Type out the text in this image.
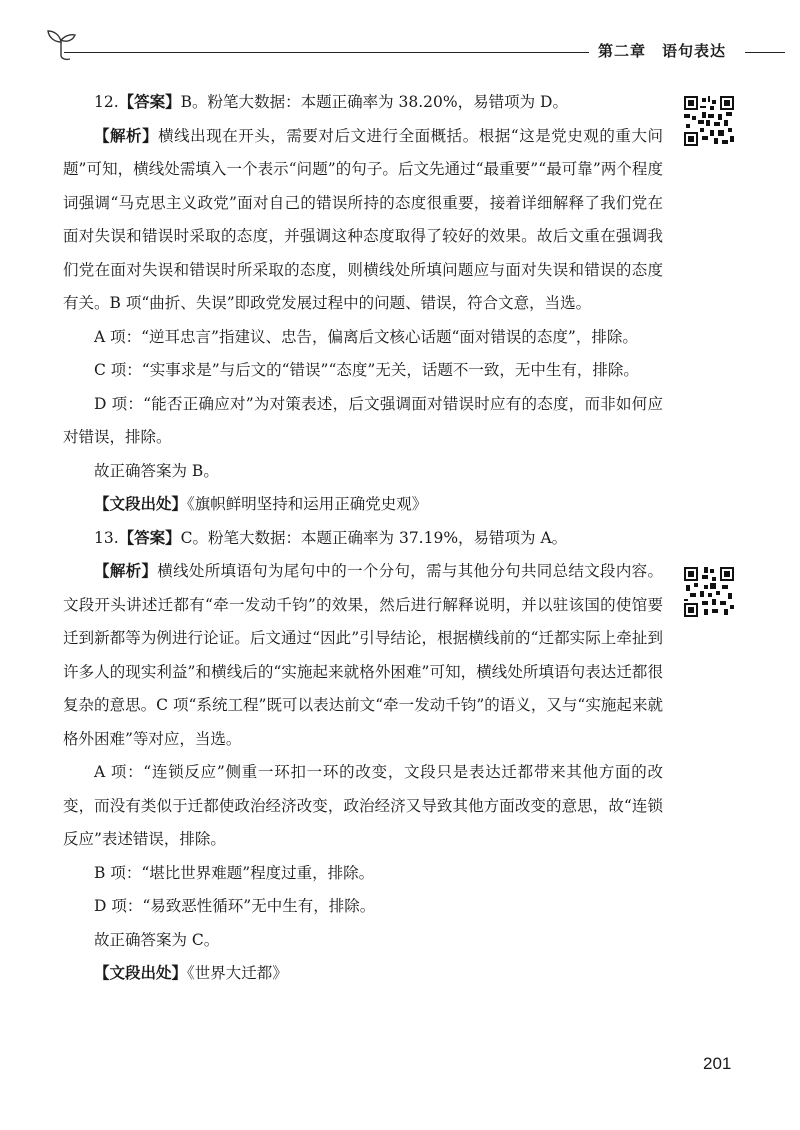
第二章 语句表达

12.【答案】B。粉笔大数据：本题正确率为 38.20%，易错项为 D。

【解析】横线出现在开头，需要对后文进行全面概括。根据“这是党史观的重大问题”可知，横线处需填入一个表示“问题”的句子。后文先通过“最重要”“最可靠”两个程度词强调“马克思主义政党”面对自己的错误所持的态度很重要，接着详细解释了我们党在面对失误和错误时采取的态度，并强调这种态度取得了较好的效果。故后文重在强调我们党在面对失误和错误时所采取的态度，则横线处所填问题应与面对失误和错误的态度有关。B 项“曲折、失误”即政党发展过程中的问题、错误，符合文意，当选。

A 项：“逆耳忠言”指建议、忠告，偏离后文核心话题“面对错误的态度”，排除。

C 项：“实事求是”与后文的“错误”“态度”无关，话题不一致，无中生有，排除。

D 项：“能否正确应对”为对策表述，后文强调面对错误时应有的态度，而非如何应对错误，排除。

故正确答案为 B。

【文段出处】《旗帜鲜明坚持和运用正确党史观》

13.【答案】C。粉笔大数据：本题正确率为 37.19%，易错项为 A。

【解析】横线处所填语句为尾句中的一个分句，需与其他分句共同总结文段内容。文段开头讲述迁都有“牵一发动千钧”的效果，然后进行解释说明，并以驻该国的使馆要迁到新都等为例进行论证。后文通过“因此”引导结论，根据横线前的“迁都实际上牵扯到许多人的现实利益”和横线后的“实施起来就格外困难”可知，横线处所填语句表达迁都很复杂的意思。C 项“系统工程”既可以表达前文“牵一发动千钧”的语义，又与“实施起来就格外困难”等对应，当选。

A 项：“连锁反应”侧重一环扣一环的改变，文段只是表达迁都带来其他方面的改变，而没有类似于迁都使政治经济改变，政治经济又导致其他方面改变的意思，故“连锁反应”表述错误，排除。

B 项：“堪比世界难题”程度过重，排除。

D 项：“易致恶性循环”无中生有，排除。

故正确答案为 C。

【文段出处】《世界大迁都》

201
